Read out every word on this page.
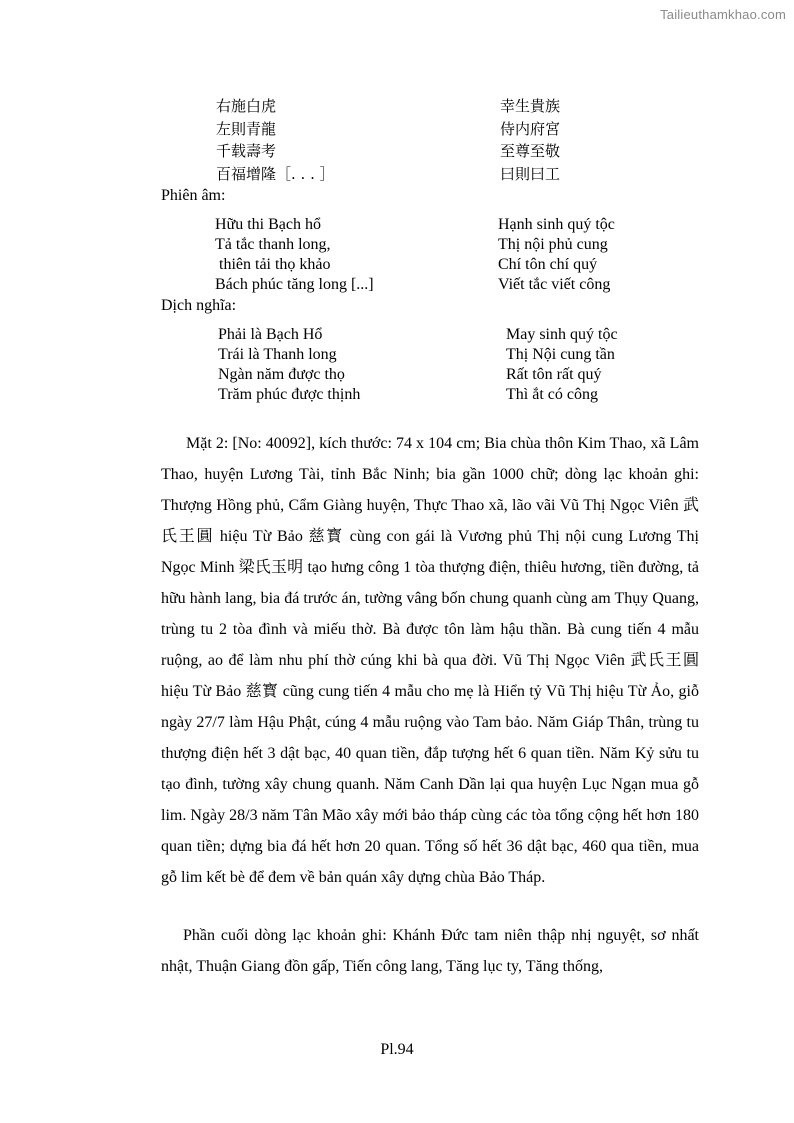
Tailieuthamkhao.com
右施白虎
左則青龍
千载壽考
百福增隆［. . . ］
幸生貴族
侍内府宮
至尊至敬
曰則曰工
Phiên âm:
Hữu thi Bạch hổ
Tả tắc thanh long,
thiên tải thọ khảo
Bách phúc tăng long [...]
Hạnh sinh quý tộc
Thị nội phủ cung
Chí tôn chí quý
Viết tắc viết công
Dịch nghĩa:
Phải là Bạch Hổ
Trái là Thanh long
Ngàn năm được thọ
Trăm phúc được thịnh
May sinh quý tộc
Thị Nội cung tần
Rất tôn rất quý
Thì ắt có công

Mặt 2: [No: 40092], kích thước: 74 x 104 cm; Bia chùa thôn Kim Thao, xã Lâm Thao, huyện Lương Tài, tỉnh Bắc Ninh; bia gần 1000 chữ; dòng lạc khoản ghi: Thượng Hồng phủ, Cẩm Giàng huyện, Thực Thao xã, lão vãi Vũ Thị Ngọc Viên 武氏王圓 hiệu Từ Bảo 慈寳 cùng con gái là Vương phủ Thị nội cung Lương Thị Ngọc Minh 梁氏玉明 tạo hưng công 1 tòa thượng điện, thiêu hương, tiền đường, tả hữu hành lang, bia đá trước án, tường vâng bốn chung quanh cùng am Thụy Quang, trùng tu 2 tòa đình và miếu thờ. Bà được tôn làm hậu thần. Bà cung tiến 4 mẫu ruộng, ao để làm nhu phí thờ cúng khi bà qua đời. Vũ Thị Ngọc Viên 武氏王圓 hiệu Từ Bảo 慈寳 cũng cung tiến 4 mẫu cho mẹ là Hiển tỷ Vũ Thị hiệu Từ Ảo, giỗ ngày 27/7 làm Hậu Phật, cúng 4 mẫu ruộng vào Tam bảo. Năm Giáp Thân, trùng tu thượng điện hết 3 dật bạc, 40 quan tiền, đắp tượng hết 6 quan tiền. Năm Kỷ sửu tu tạo đình, tường xây chung quanh. Năm Canh Dần lại qua huyện Lục Ngạn mua gỗ lim. Ngày 28/3 năm Tân Mão xây mới bảo tháp cùng các tòa tổng cộng hết hơn 180 quan tiền; dựng bia đá hết hơn 20 quan. Tổng số hết 36 dật bạc, 460 qua tiền, mua gỗ lim kết bè để đem về bản quán xây dựng chùa Bảo Tháp.

Phần cuối dòng lạc khoản ghi: Khánh Đức tam niên thập nhị nguyệt, sơ nhất nhật, Thuận Giang đồn gấp, Tiến công lang, Tăng lục ty, Tăng thống,

Pl.94
